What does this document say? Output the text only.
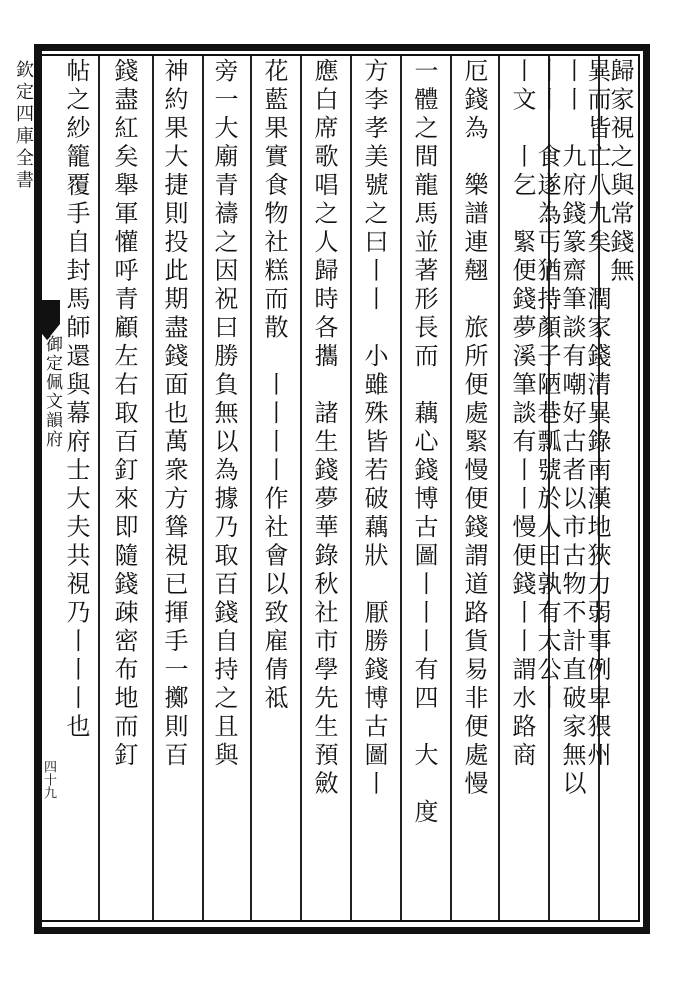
欽定四庫全書
御定佩文韻府
四十九
歸家視之與常錢無
異而皆亡八九矣　潤家錢清異錄南漢地狹力弱事例卑猥州
丨丨　九府錢篆齋筆談有嘲好古者以市古物不計直破家無以
丨丨　食遂為丐猶持顏子陋巷瓢號於人曰孰有太公丨
丨文　丨乞　緊便錢夢溪筆談有丨丨慢便錢丨丨謂水路商
厄錢為　樂譜連翹　旅所便處緊慢便錢謂道路貨易非便處慢
一體之間龍馬並著形長而　藕心錢博古圖丨丨丨有四　大　度
方李孝美號之曰丨丨　小雖殊皆若破藕狀　厭勝錢博古圖丨
應白席歌唱之人歸時各攜　諸生錢夢華錄秋社市學先生預斂
花藍果實食物社糕而散　丨丨丨丨作社會以致雇倩祗
旁一大廟青禱之因祝曰勝負無以為據乃取百錢自持之且與
神約果大捷則投此期盡錢面也萬衆方聳視已揮手一擲則百
錢盡紅矣舉軍懽呼青顧左右取百釘來即隨錢疎密布地而釘
帖之紗籠覆手自封馬師還與幕府士大夫共視乃丨丨丨也
